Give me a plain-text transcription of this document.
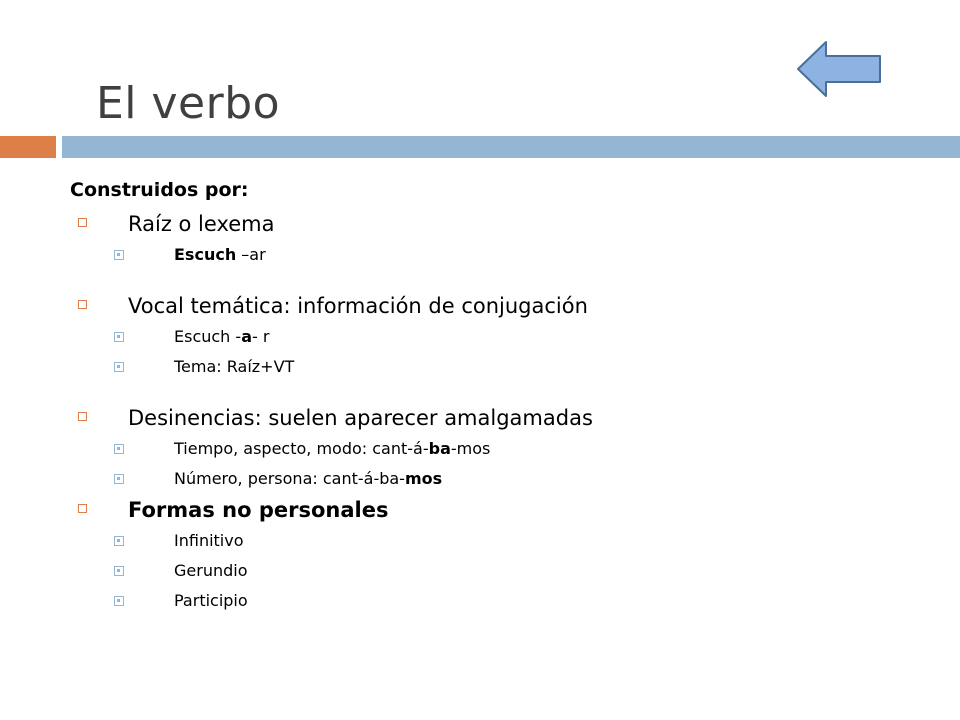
El verbo
Construidos por:
Raíz o lexema
Escuch –ar
Vocal temática: información de conjugación
Escuch -a- r
Tema: Raíz+VT
Desinencias: suelen aparecer amalgamadas
Tiempo, aspecto, modo: cant-á-ba-mos
Número, persona: cant-á-ba-mos
Formas no personales
Infinitivo
Gerundio
Participio
